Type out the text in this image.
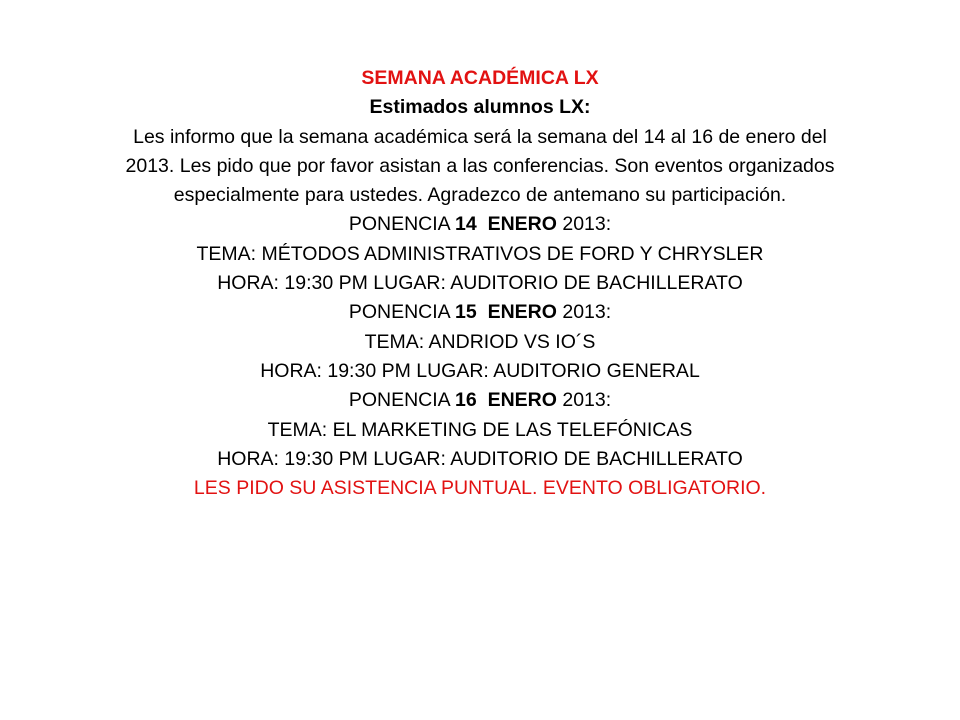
SEMANA ACADÉMICA LX
Estimados alumnos LX:
Les informo que la semana académica será la semana del 14 al 16 de enero del 2013. Les pido que por favor asistan a las conferencias. Son eventos organizados especialmente para ustedes. Agradezco de antemano su participación.
PONENCIA 14 ENERO 2013:
TEMA: MÉTODOS ADMINISTRATIVOS DE FORD Y CHRYSLER
HORA: 19:30 PM LUGAR: AUDITORIO DE BACHILLERATO
PONENCIA 15 ENERO 2013:
TEMA: ANDRIOD VS IO´S
HORA: 19:30 PM LUGAR: AUDITORIO GENERAL
PONENCIA 16 ENERO 2013:
TEMA: EL MARKETING DE LAS TELEFÓNICAS
HORA: 19:30 PM LUGAR: AUDITORIO DE BACHILLERATO
LES PIDO SU ASISTENCIA PUNTUAL. EVENTO OBLIGATORIO.
